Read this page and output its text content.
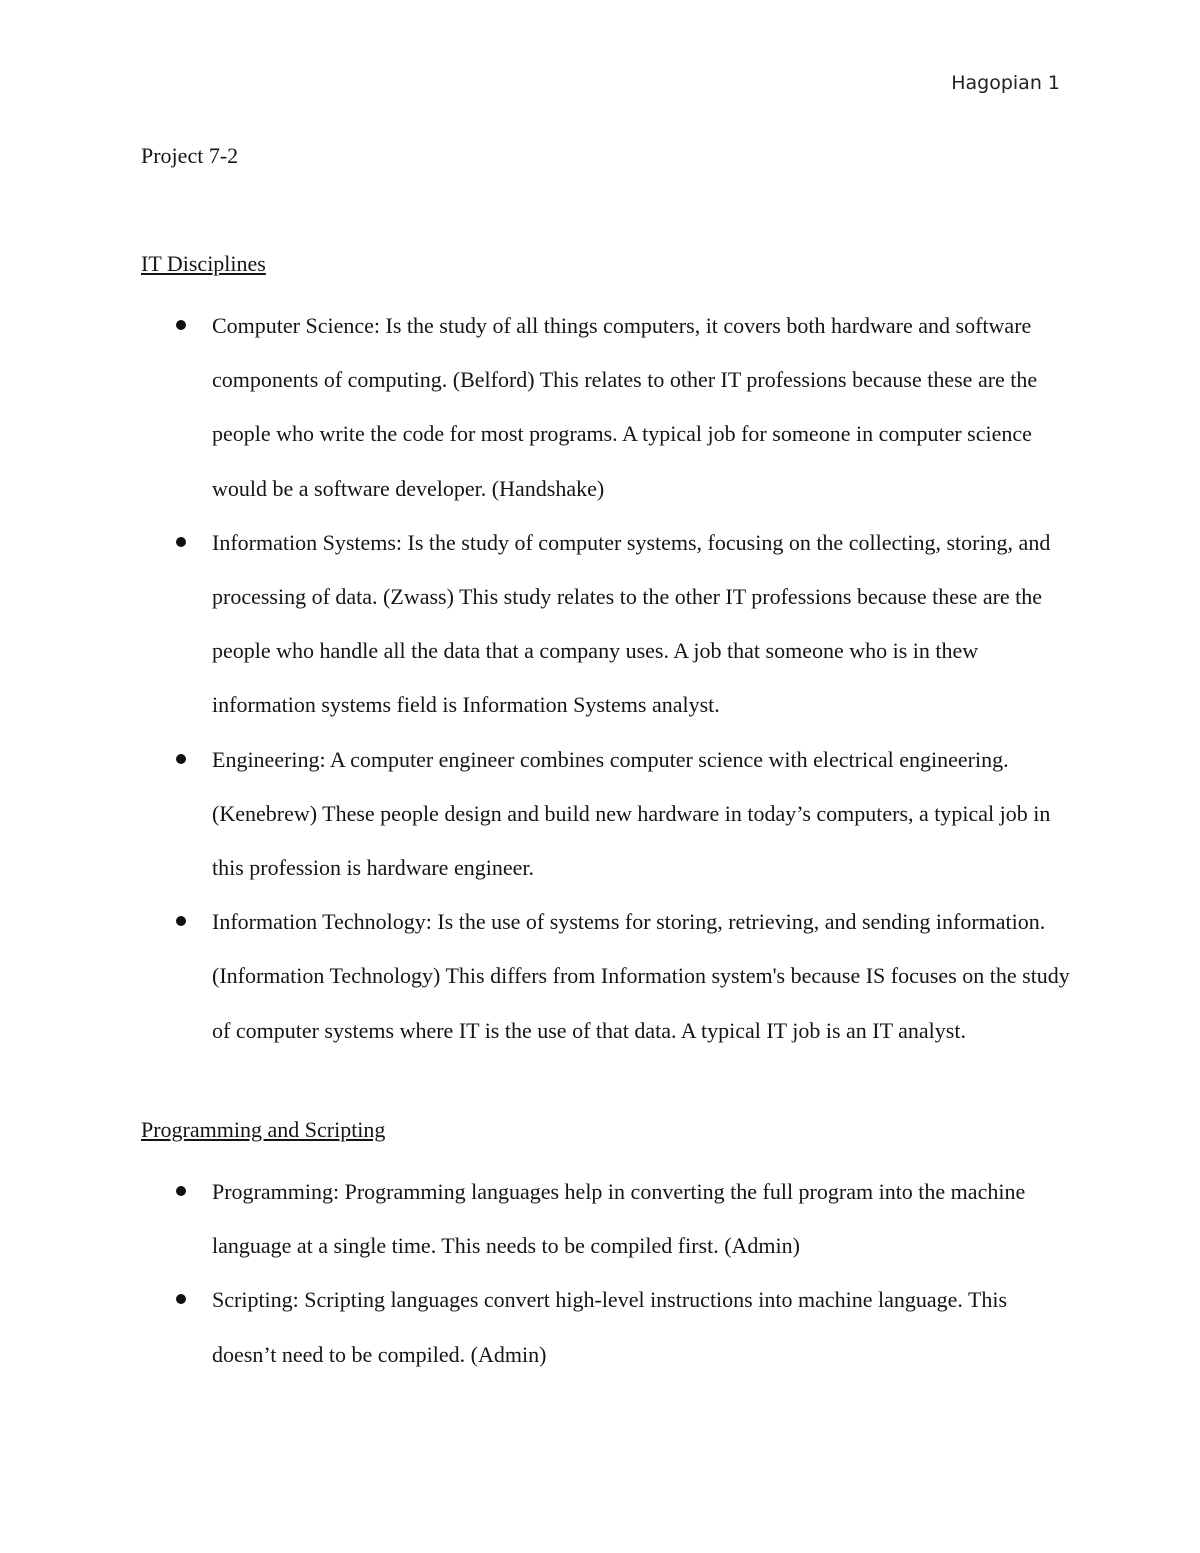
Hagopian 1
Project 7-2
IT Disciplines
Computer Science: Is the study of all things computers, it covers both hardware and software components of computing. (Belford) This relates to other IT professions because these are the people who write the code for most programs. A typical job for someone in computer science would be a software developer. (Handshake)
Information Systems: Is the study of computer systems, focusing on the collecting, storing, and processing of data. (Zwass) This study relates to the other IT professions because these are the people who handle all the data that a company uses. A job that someone who is in thew information systems field is Information Systems analyst.
Engineering: A computer engineer combines computer science with electrical engineering. (Kenebrew) These people design and build new hardware in today’s computers, a typical job in this profession is hardware engineer.
Information Technology: Is the use of systems for storing, retrieving, and sending information. (Information Technology) This differs from Information system's because IS focuses on the study of computer systems where IT is the use of that data. A typical IT job is an IT analyst.
Programming and Scripting
Programming: Programming languages help in converting the full program into the machine language at a single time. This needs to be compiled first. (Admin)
Scripting: Scripting languages convert high-level instructions into machine language. This doesn’t need to be compiled. (Admin)
